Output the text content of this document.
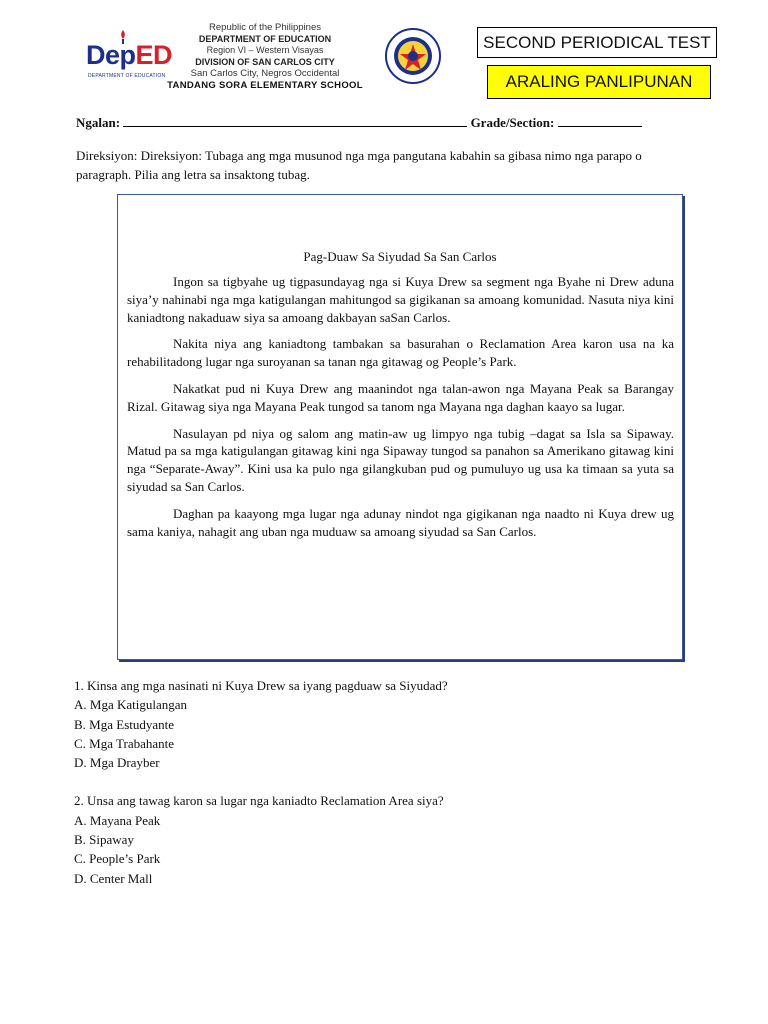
DepED
DEPARTMENT OF EDUCATION
Republic of the Philippines
DEPARTMENT OF EDUCATION
Region VI – Western Visayas
DIVISION OF SAN CARLOS CITY
San Carlos City, Negros Occidental
TANDANG SORA ELEMENTARY SCHOOL
SECOND PERIODICAL TEST
ARALING PANLIPUNAN
Ngalan:	Grade/Section:
Direksiyon: Direksiyon: Tubaga ang mga musunod nga mga pangutana kabahin sa gibasa nimo nga parapo o paragraph. Pilia ang letra sa insaktong tubag.
Pag-Duaw Sa Siyudad Sa San Carlos

Ingon sa tigbyahe ug tigpasundayag nga si Kuya Drew sa segment nga Byahe ni Drew aduna siya’y nahinabi nga mga katigulangan mahitungod sa gigikanan sa amoang komunidad. Nasuta niya kini kaniadtong nakaduaw siya sa amoang dakbayan saSan Carlos.

Nakita niya ang kaniadtong tambakan sa basurahan o Reclamation Area karon usa na ka rehabilitadong lugar nga suroyanan sa tanan nga gitawag og People’s Park.

Nakatkat pud ni Kuya Drew ang maanindot nga talan-awon nga Mayana Peak sa Barangay Rizal. Gitawag siya nga Mayana Peak tungod sa tanom nga Mayana nga daghan kaayo sa lugar.

Nasulayan pd niya og salom ang matin-aw ug limpyo nga tubig –dagat sa Isla sa Sipaway. Matud pa sa mga katigulangan gitawag kini nga Sipaway tungod sa panahon sa Amerikano gitawag kini nga “Separate-Away”. Kini usa ka pulo nga gilangkuban pud og pumuluyo ug usa ka timaan sa yuta sa siyudad sa San Carlos.

Daghan pa kaayong mga lugar nga adunay nindot nga gigikanan nga naadto ni Kuya drew ug sama kaniya, nahagit ang uban nga muduaw sa amoang siyudad sa San Carlos.

1. Kinsa ang mga nasinati ni Kuya Drew sa iyang pagduaw sa Siyudad?
A. Mga Katigulangan
B. Mga Estudyante
C. Mga Trabahante
D. Mga Drayber
2. Unsa ang tawag karon sa lugar nga kaniadto Reclamation Area siya?
A. Mayana Peak
B. Sipaway
C. People’s Park
D. Center Mall
